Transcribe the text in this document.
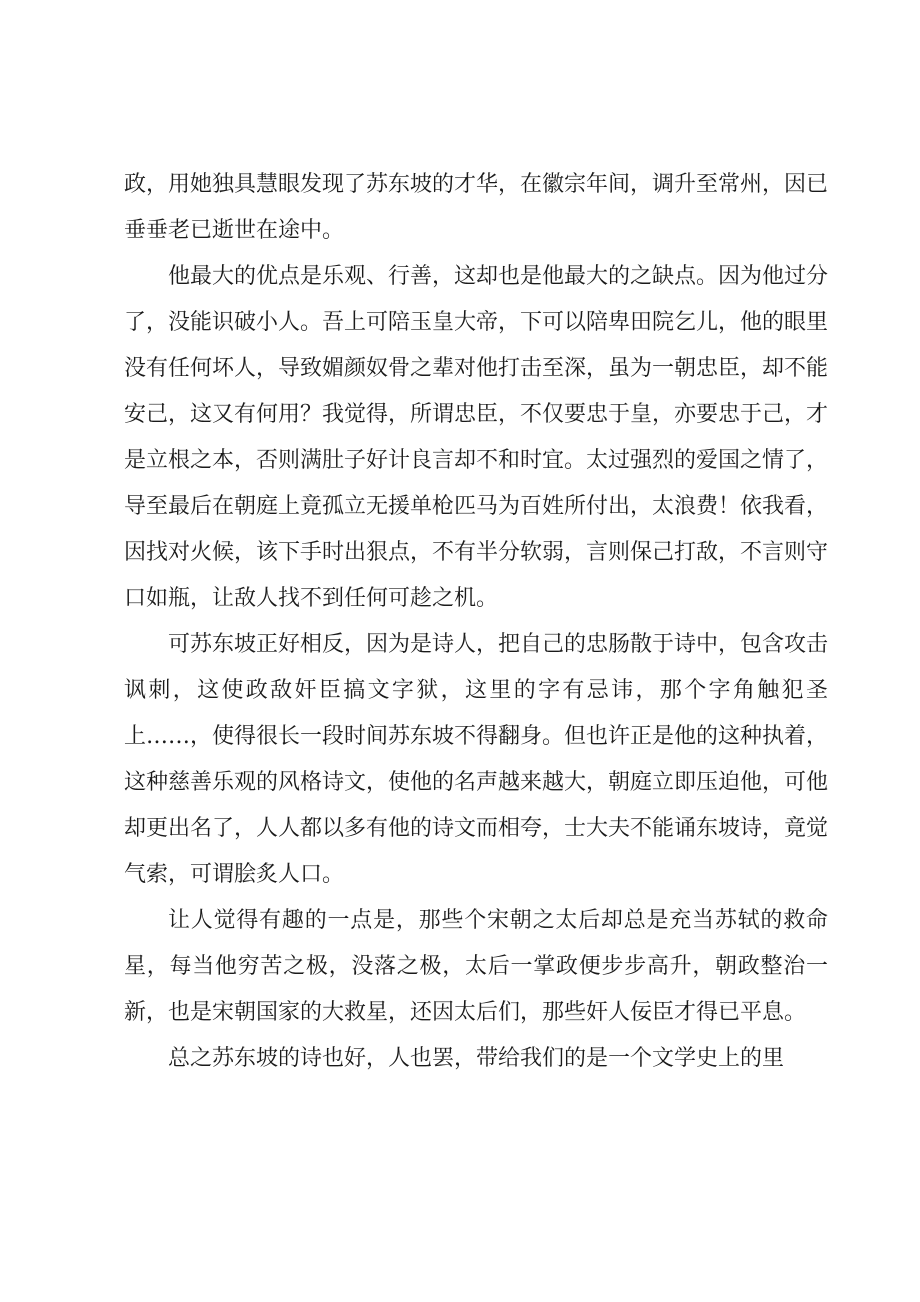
政，用她独具慧眼发现了苏东坡的才华，在徽宗年间，调升至常州，因已垂垂老已逝世在途中。

他最大的优点是乐观、行善，这却也是他最大的之缺点。因为他过分了，没能识破小人。吾上可陪玉皇大帝，下可以陪卑田院乞儿，他的眼里没有任何坏人，导致媚颜奴骨之辈对他打击至深，虽为一朝忠臣，却不能安己，这又有何用？我觉得，所谓忠臣，不仅要忠于皇，亦要忠于己，才是立根之本，否则满肚子好计良言却不和时宜。太过强烈的爱国之情了，导至最后在朝庭上竟孤立无援单枪匹马为百姓所付出，太浪费！依我看，因找对火候，该下手时出狠点，不有半分软弱，言则保己打敌，不言则守口如瓶，让敌人找不到任何可趁之机。

可苏东坡正好相反，因为是诗人，把自己的忠肠散于诗中，包含攻击讽刺，这使政敌奸臣搞文字狱，这里的字有忌讳，那个字角触犯圣上……，使得很长一段时间苏东坡不得翻身。但也许正是他的这种执着，这种慈善乐观的风格诗文，使他的名声越来越大，朝庭立即压迫他，可他却更出名了，人人都以多有他的诗文而相夸，士大夫不能诵东坡诗，竟觉气索，可谓脍炙人口。

让人觉得有趣的一点是，那些个宋朝之太后却总是充当苏轼的救命星，每当他穷苦之极，没落之极，太后一掌政便步步高升，朝政整治一新，也是宋朝国家的大救星，还因太后们，那些奸人佞臣才得已平息。

总之苏东坡的诗也好，人也罢，带给我们的是一个文学史上的里
